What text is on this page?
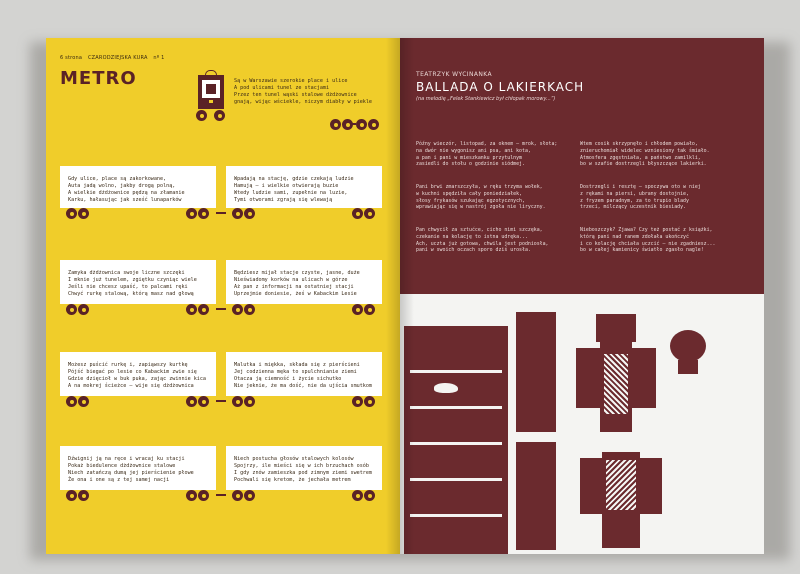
6 strona CZARODZIEJSKA KURA nº 1
METRO	Są w Warszawie szerokie place i ulice

A pod ulicami tunel ze stacjami

Przez ten tunel wąski stalowe dżdżownice

gnają, wijąc wściekle, niczym diabły w piekle

Gdy ulice, place są zakorkowane,

Auta jadą wolno, jakby drogą polną,

A wielkie dżdżownice pędzą na złamanie

Karku, hałasując jak sześć lunaparków

Wpadają na stację, gdzie czekają ludzie

Hamują – i wielkie otwierają buzie

Wtedy ludzie sami, zupełnie na luzie,

Tymi otworami zgrają się wlewają

Zamyka dżdżownica swoje liczne szczęki

I mknie już tunelem, zgiętku czyniąc wiele

Jeśli nie chcesz upaść, to palcami ręki

Chwyć rurkę stalową, którą masz nad głową

Będziesz mijał stacje czyste, jasne, duże

Nieświadomy korków na ulicach w górze

Aż pan z informacji na ostatniej stacji

Uprzejmie doniesie, żeś w Kabackim Lesie

Możesz puścić rurkę i, zapiąwszy kurtkę

Pójść biegać po lesie co Kabackim zwie się

Gdzie dzięcioł w buk puka, zając zwinnie kica

A na mokrej ścieżce – wije się dżdżownica

Malutka i miękka, składa się z pierścieni

Jej codzienna męka to spulchnianie ziemi

Otacza ją ciemność i życie sichutko

Nie jeknie, że ma dość, nie da ujścia smutkom

Dźwignij ją na ręce i wracaj ku stacji

Pokaż biedulence dżdżownice stalowe

Niech zatańczą dumą jej pierścienie płowe

Że ona i one są z tej samej nacji

Niech postucha głosów stalowych kolosów

Spojrzy, ile mieści się w ich brzuchach osób

I gdy znów zamieszka pod zimnym ziemi swetrem

Pochwali się kretom, że jechała metrem

TEATRZYK WYCINANKA
BALLADA O LAKIERKACH
(na melodię „Felek Stankiewicz był chłopak morowy...”)
Późny wieczór, listopad, za oknem – mrok, słota;
na dwór nie wygonisz ani psa, ani kota,
a pan i pani w mieszkanku przytulnym
zasiedli do stołu o godzinie siódmej.
Pani brwi zmarszczyła, w ręku trzyma wołek,
w kuchni spędziła cały poniedziałek,
słosy frykasów szukając egzotycznych,
wprawiając się w nastrój zgoła nie liryczny.
Pan chwycił za sztućce, cicho nimi szczęka,
czekanie na kolację to istna udręka...
Ach, uczta już gotowa, chwila jest podniosła,
pani w swoich oczach sporo dziś urosła.
Wtem cosik skrzypnęło i chłodem powiało,
znieruchomiał widelec wzniesiony tak śmiało.
Atmosfera zgęstniała, a państwo zamilkli,
bo w szafie dostrzegli błyszczące lakierki.
Dostrzegli i resztę – spoczywa oto w niej
z rękami na piersi, ubrany dostojnie,
z fryzem paradnym, za to trupio blady
trzeci, milczący uczestnik biesiady.
Nieboszczyk? Zjawa? Czy też postać z książki,
którą pani nad ranem zdołała ukończyć
i co kolację chciała uczcić – nie zgadniesz...
bo w całej kamienicy światło zgasło nagle!
